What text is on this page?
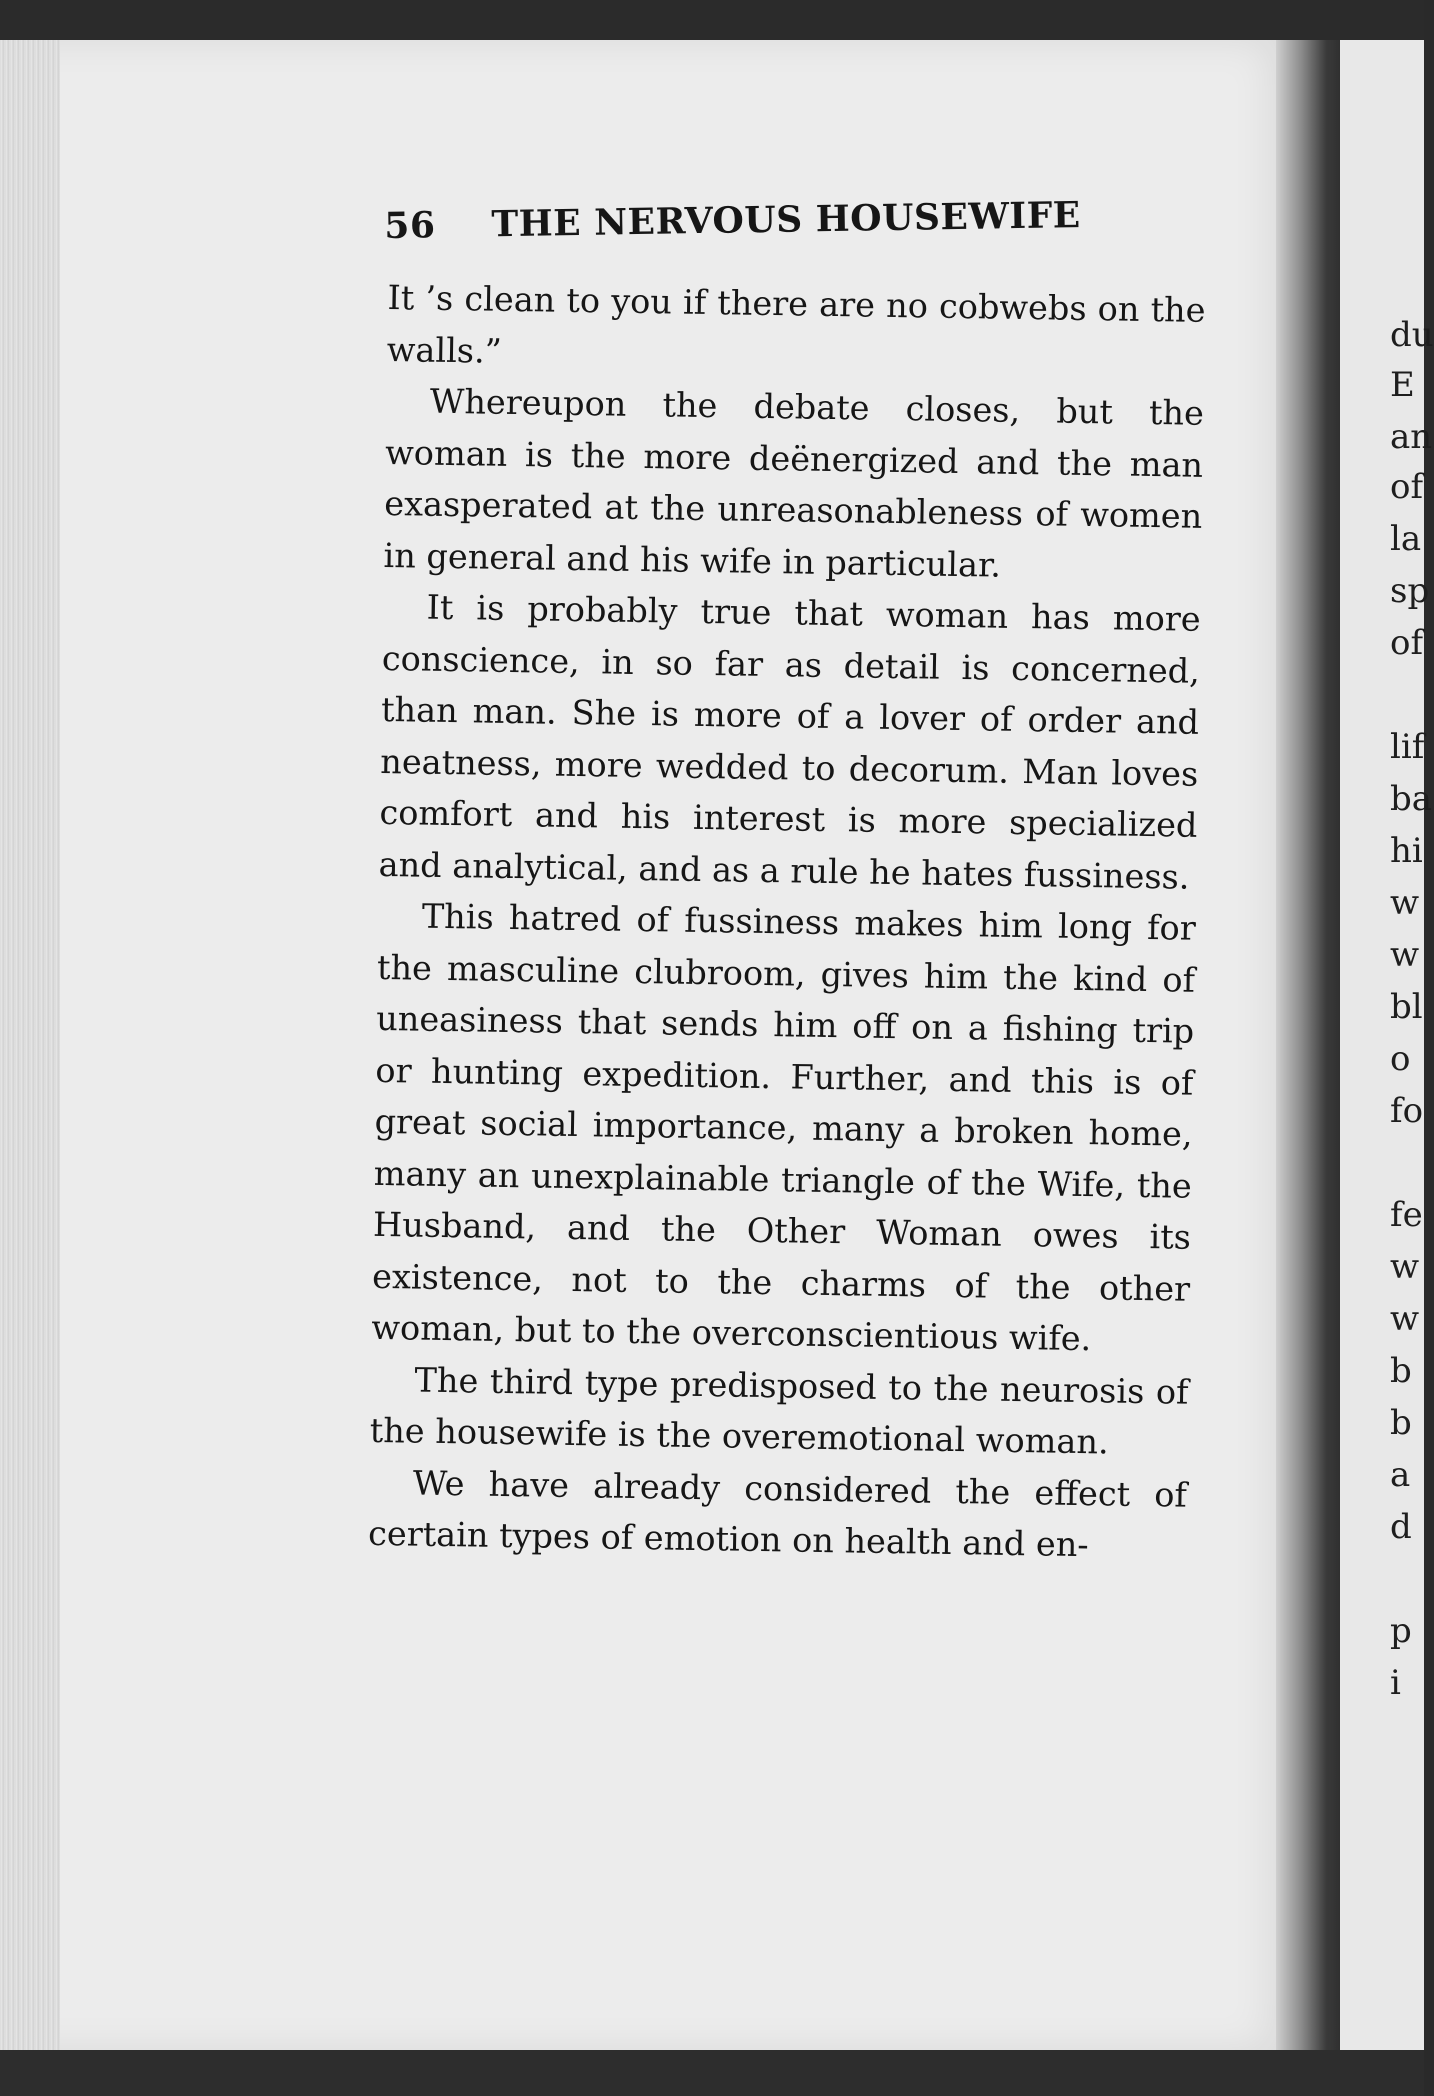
56 THE NERVOUS HOUSEWIFE

It ’s clean to you if there are no cobwebs on the walls.”

Whereupon the debate closes, but the woman is the more deënergized and the man exasperated at the unreasonableness of women in general and his wife in particular.

It is probably true that woman has more conscience, in so far as detail is concerned, than man. She is more of a lover of order and neatness, more wedded to decorum. Man loves comfort and his interest is more specialized and analytical, and as a rule he hates fussiness.

This hatred of fussiness makes him long for the masculine clubroom, gives him the kind of uneasiness that sends him off on a fishing trip or hunting expedition. Further, and this is of great social importance, many a broken home, many an unexplainable triangle of the Wife, the Husband, and the Other Woman owes its existence, not to the charms of the other woman, but to the overconscientious wife.

The third type predisposed to the neurosis of the housewife is the overemotional woman.

We have already considered the effect of certain types of emotion on health and en-

du
E
an
of
la
sp
of
lif
ba
hi
w
w
bl
o
fo
fe
w
w
b
b
a
d
p
i
